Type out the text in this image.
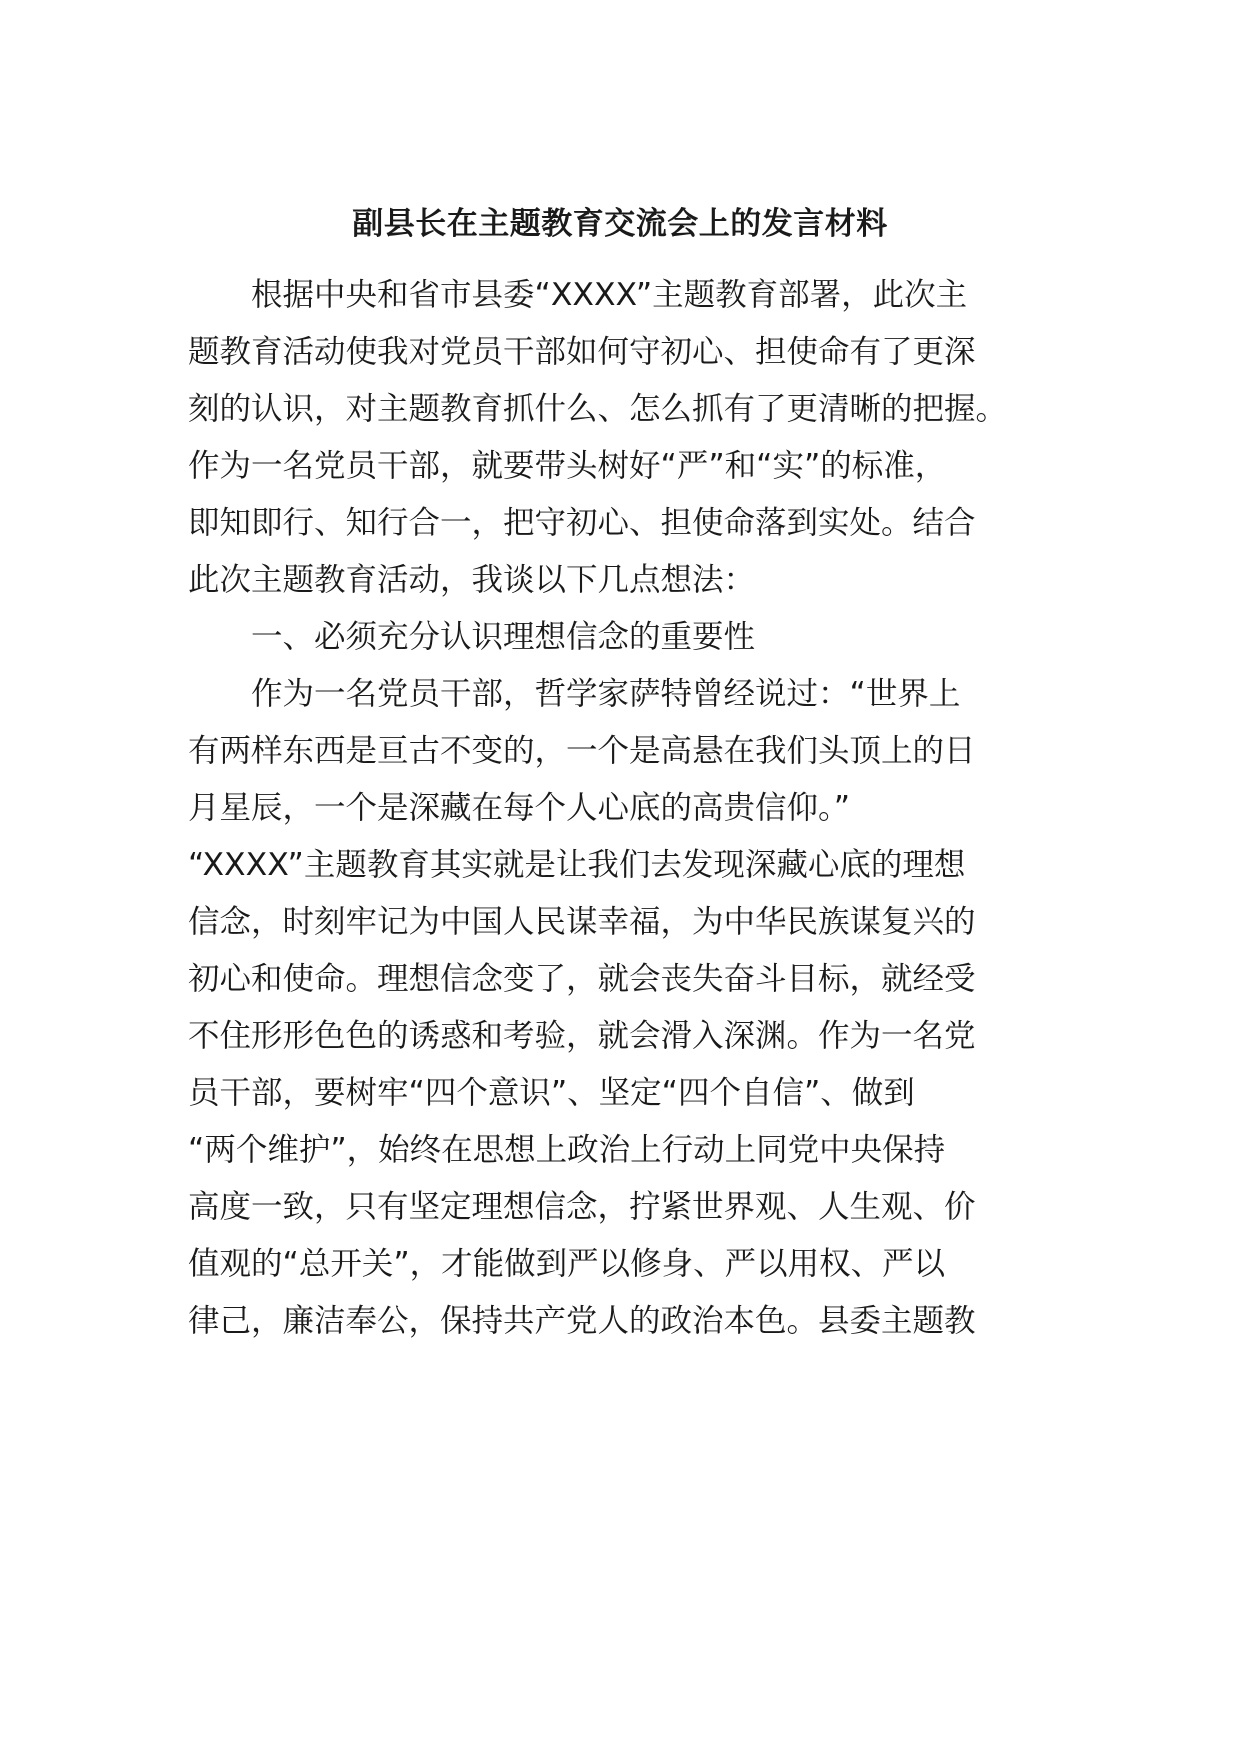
副县长在主题教育交流会上的发言材料
　　根据中央和省市县委“XXXX”主题教育部署，此次主
题教育活动使我对党员干部如何守初心、担使命有了更深
刻的认识，对主题教育抓什么、怎么抓有了更清晰的把握。
作为一名党员干部，就要带头树好“严”和“实”的标准，
即知即行、知行合一，把守初心、担使命落到实处。结合
此次主题教育活动，我谈以下几点想法：
　　一、必须充分认识理想信念的重要性
　　作为一名党员干部，哲学家萨特曾经说过：“世界上
有两样东西是亘古不变的，一个是高悬在我们头顶上的日
月星辰，一个是深藏在每个人心底的高贵信仰。”
“XXXX”主题教育其实就是让我们去发现深藏心底的理想
信念，时刻牢记为中国人民谋幸福，为中华民族谋复兴的
初心和使命。理想信念变了，就会丧失奋斗目标，就经受
不住形形色色的诱惑和考验，就会滑入深渊。作为一名党
员干部，要树牢“四个意识”、坚定“四个自信”、做到
“两个维护”，始终在思想上政治上行动上同党中央保持
高度一致，只有坚定理想信念，拧紧世界观、人生观、价
值观的“总开关”，才能做到严以修身、严以用权、严以
律己，廉洁奉公，保持共产党人的政治本色。县委主题教
